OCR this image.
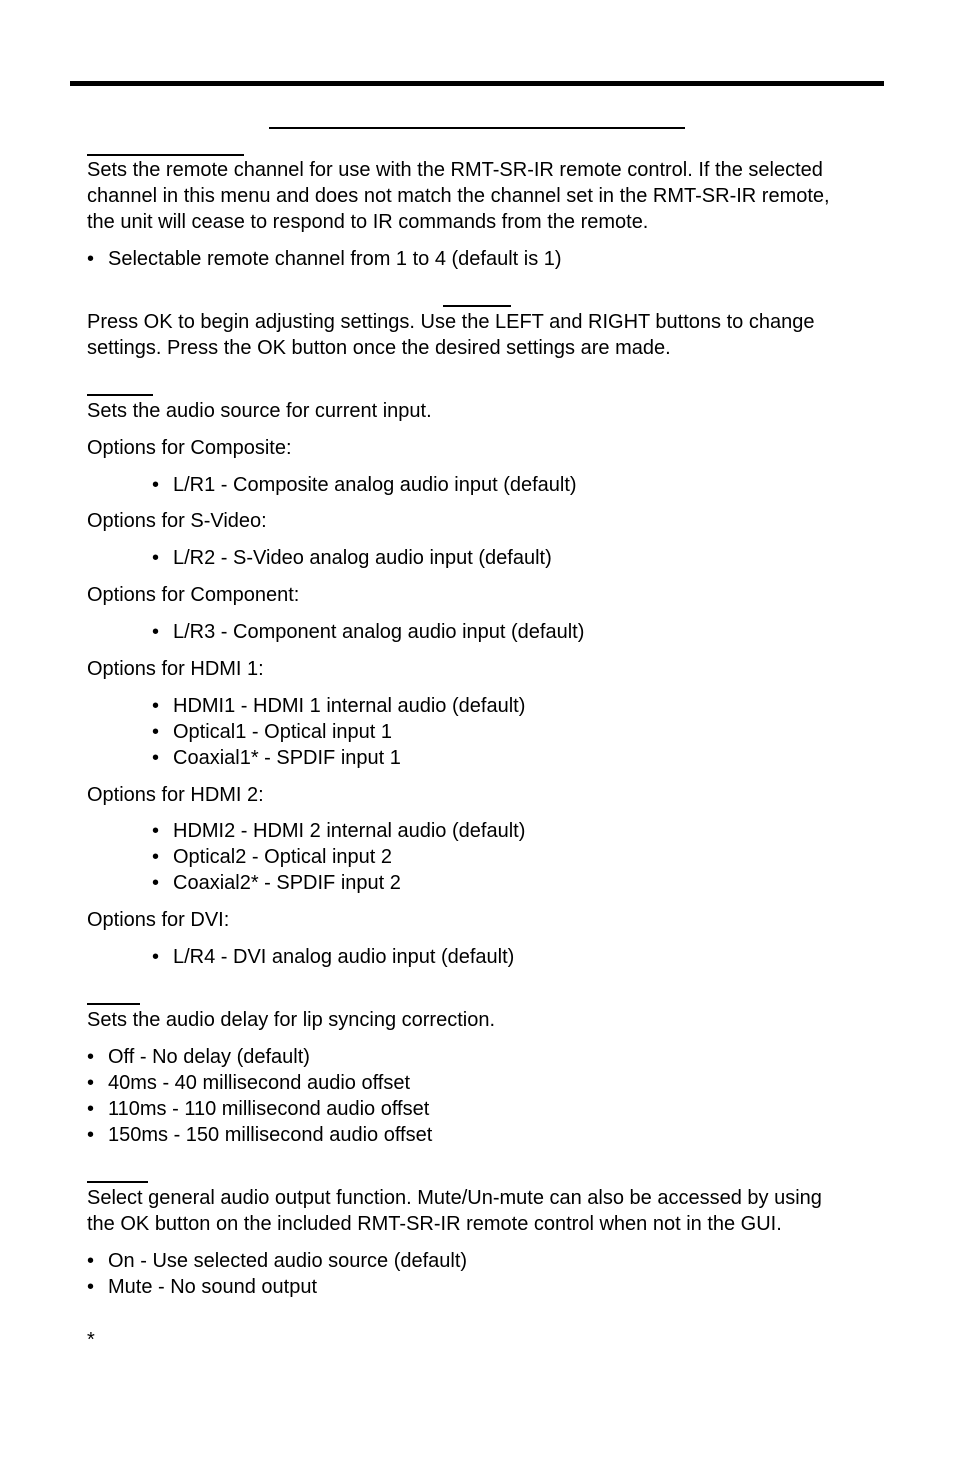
Sets the remote channel for use with the RMT-SR-IR remote control. If the selected
channel in this menu and does not match the channel set in the RMT-SR-IR remote,
the unit will cease to respond to IR commands from the remote.
• Selectable remote channel from 1 to 4 (default is 1)
Press OK to begin adjusting settings. Use the LEFT and RIGHT buttons to change
settings. Press the OK button once the desired settings are made.
Sets the audio source for current input.
Options for Composite:
• L/R1 - Composite analog audio input (default)
Options for S-Video:
• L/R2 - S-Video analog audio input (default)
Options for Component:
• L/R3 - Component analog audio input (default)
Options for HDMI 1:
• HDMI1 - HDMI 1 internal audio (default)
• Optical1 - Optical input 1
• Coaxial1* - SPDIF input 1
Options for HDMI 2:
• HDMI2 - HDMI 2 internal audio (default)
• Optical2 - Optical input 2
• Coaxial2* - SPDIF input 2
Options for DVI:
• L/R4 - DVI analog audio input (default)
Sets the audio delay for lip syncing correction.
• Off - No delay (default)
• 40ms - 40 millisecond audio offset
• 110ms - 110 millisecond audio offset
• 150ms - 150 millisecond audio offset
Select general audio output function. Mute/Un-mute can also be accessed by using
the OK button on the included RMT-SR-IR remote control when not in the GUI.
• On - Use selected audio source (default)
• Mute - No sound output
*
